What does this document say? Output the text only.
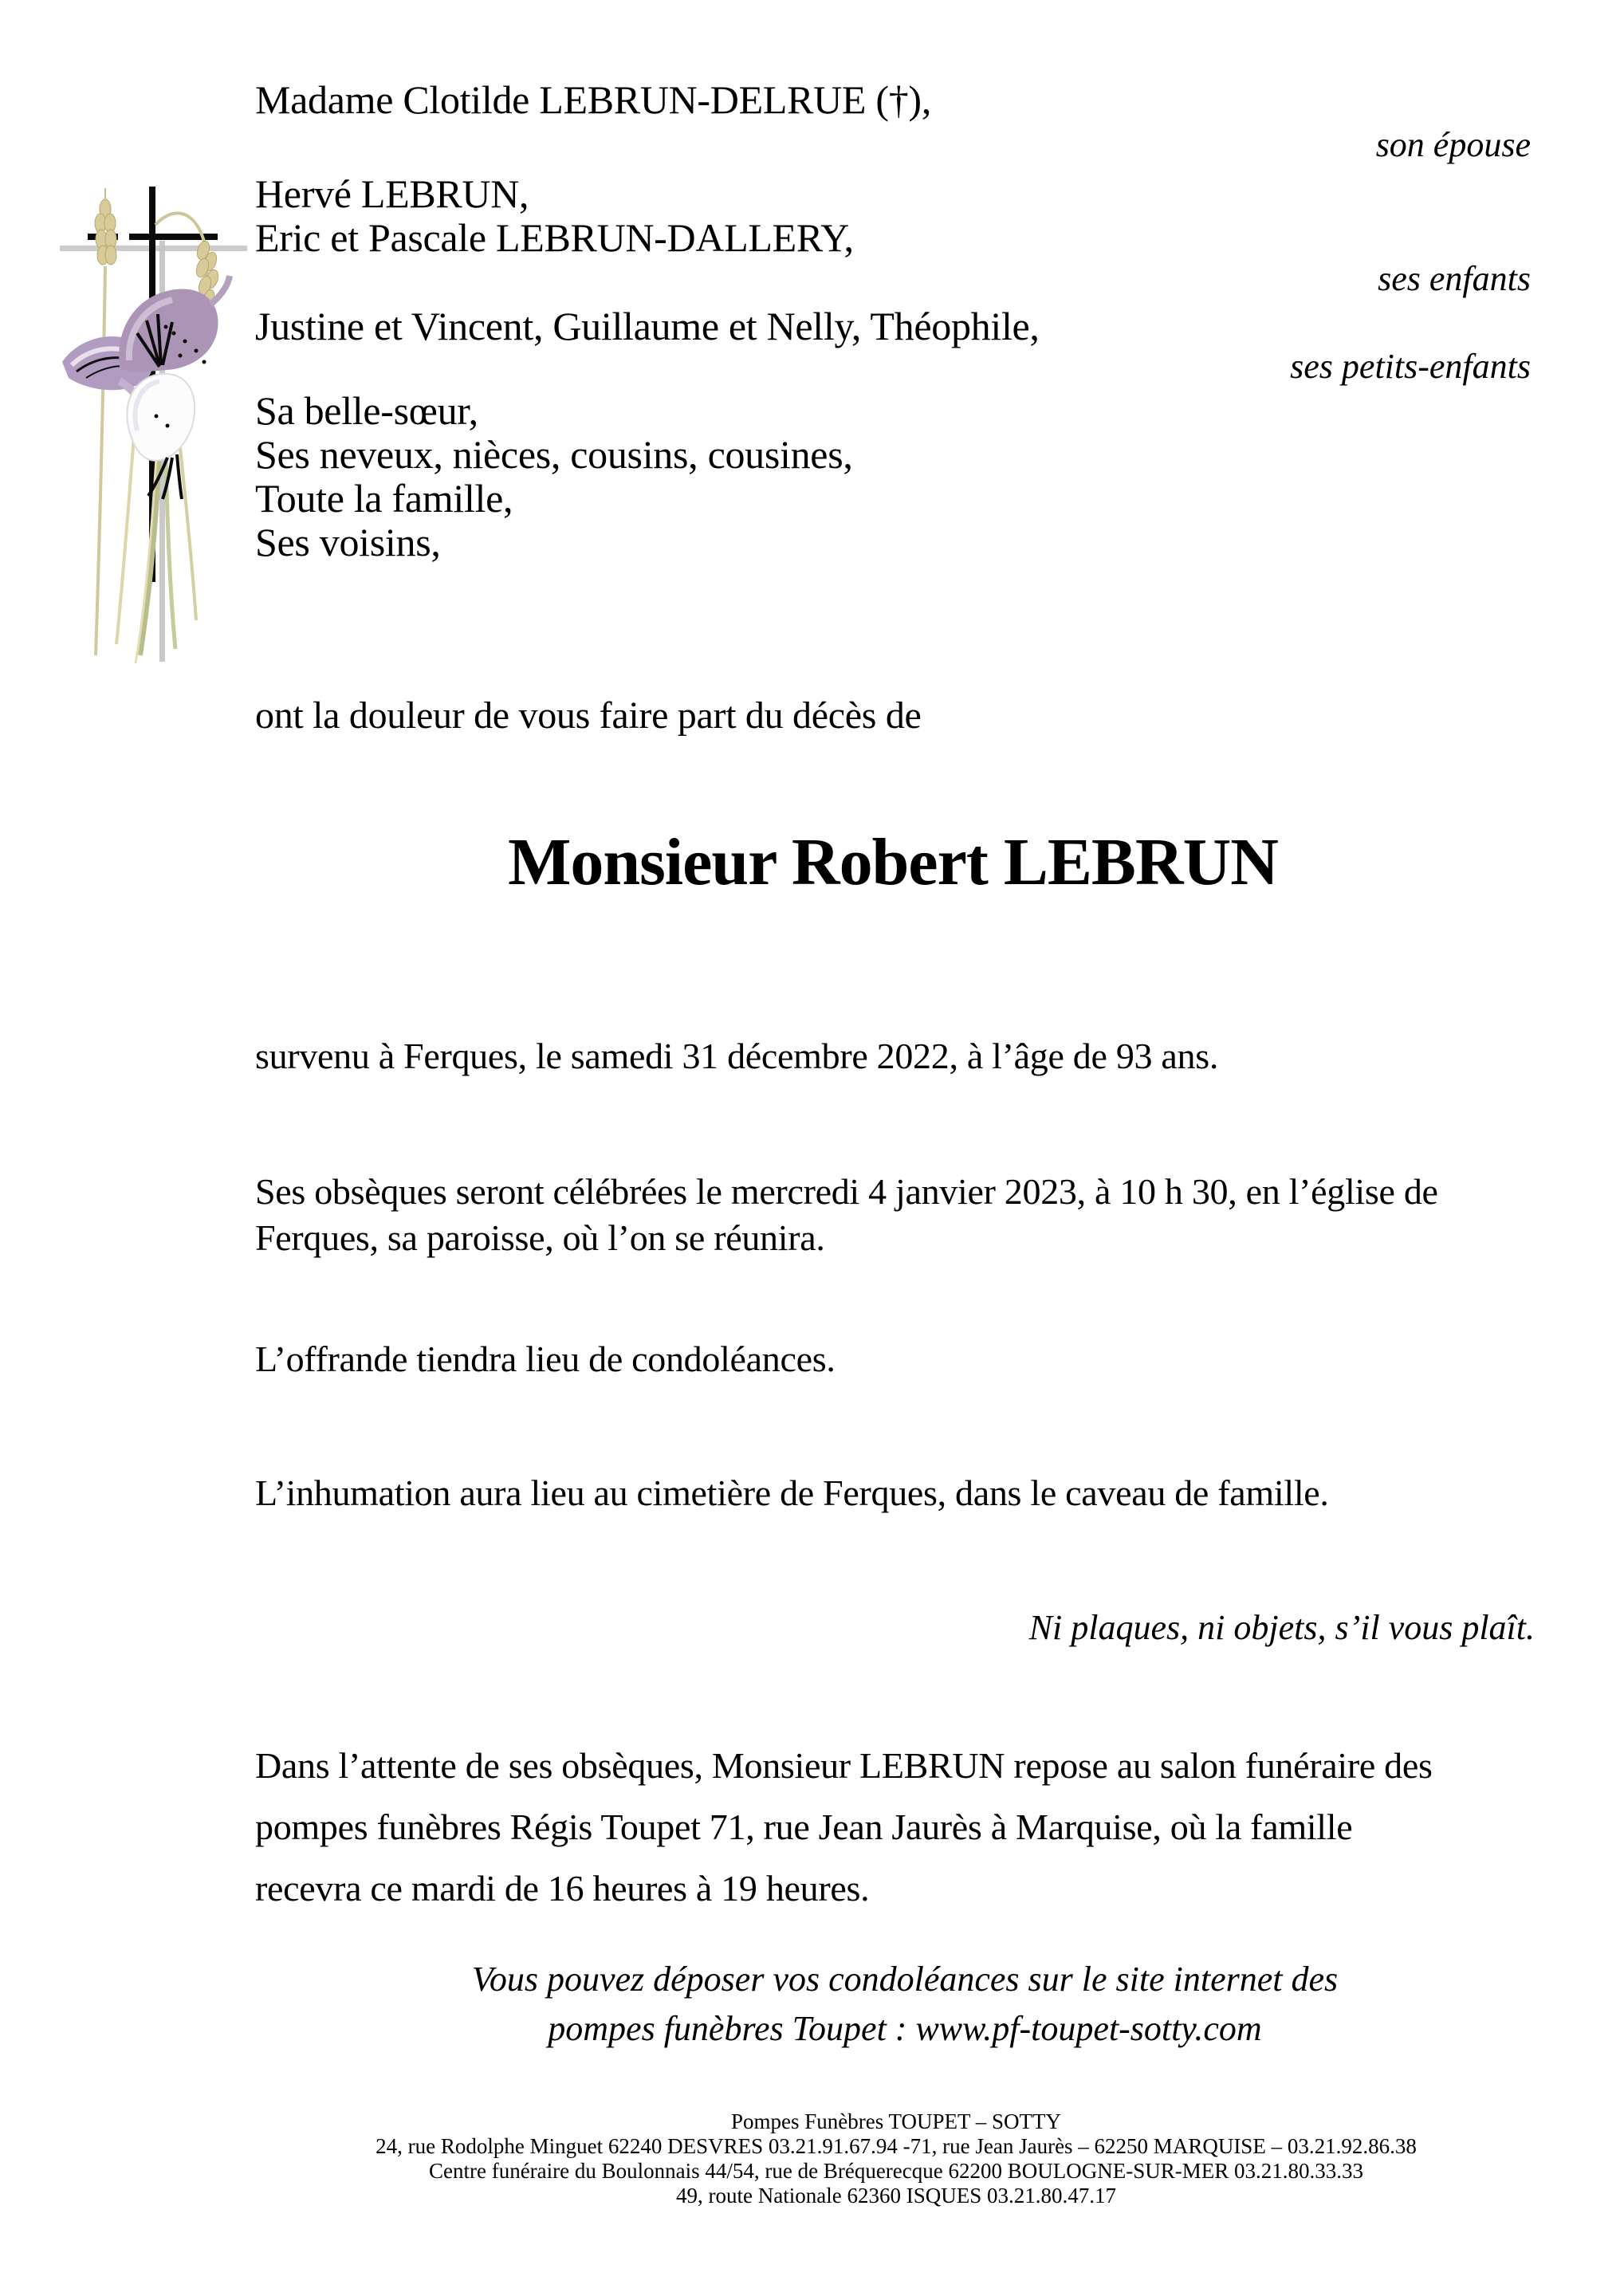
Madame Clotilde LEBRUN-DELRUE (†),
son épouse
Hervé LEBRUN,
Eric et Pascale LEBRUN-DALLERY,
ses enfants
Justine et Vincent, Guillaume et Nelly, Théophile,
ses petits-enfants
Sa belle-sœur,
Ses neveux, nièces, cousins, cousines,
Toute la famille,
Ses voisins,
ont la douleur de vous faire part du décès de
Monsieur Robert LEBRUN
survenu à Ferques, le samedi 31 décembre 2022, à l’âge de 93 ans.
Ses obsèques seront célébrées le mercredi 4 janvier 2023, à 10 h 30, en l’église de
Ferques, sa paroisse, où l’on se réunira.
L’offrande tiendra lieu de condoléances.
L’inhumation aura lieu au cimetière de Ferques, dans le caveau de famille.
Ni plaques, ni objets, s’il vous plaît.
Dans l’attente de ses obsèques, Monsieur LEBRUN repose au salon funéraire des
pompes funèbres Régis Toupet 71, rue Jean Jaurès à Marquise, où la famille
recevra ce mardi de 16 heures à 19 heures.
Vous pouvez déposer vos condoléances sur le site internet des
pompes funèbres Toupet : www.pf-toupet-sotty.com
Pompes Funèbres TOUPET – SOTTY
24, rue Rodolphe Minguet 62240 DESVRES 03.21.91.67.94 -71, rue Jean Jaurès – 62250 MARQUISE – 03.21.92.86.38
Centre funéraire du Boulonnais 44/54, rue de Bréquerecque 62200 BOULOGNE-SUR-MER 03.21.80.33.33
49, route Nationale 62360 ISQUES 03.21.80.47.17
